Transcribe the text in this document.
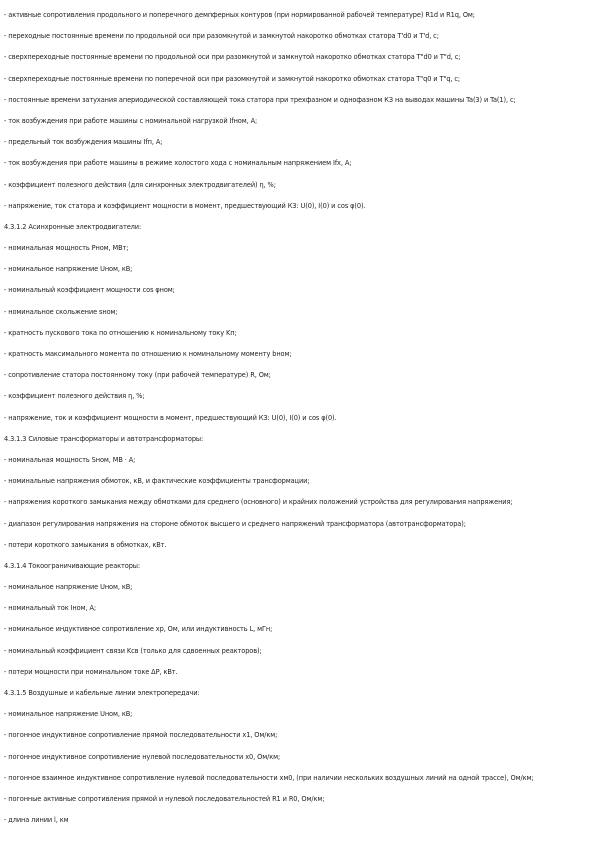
- активные сопротивления продольного и поперечного демпферных контуров (при нормированной рабочей температуре) R1d и R1q, Ом;
- переходные постоянные времени по продольной оси при разомкнутой и замкнутой накоротко обмотках статора T'd0 и T'd, с;
- сверхпереходные постоянные времени по продольной оси при разомкнутой и замкнутой накоротко обмотках статора T"d0 и T"d, с;
- сверхпереходные постоянные времени по поперечной оси при разомкнутой и замкнутой накоротко обмотках статора T"q0 и T"q, с;
- постоянные времени затухания апериодической составляющей тока статора при трехфазном и однофазном КЗ на выводах машины Ta(3) и Ta(1), с;
- ток возбуждения при работе машины с номинальной нагрузкой Ifном, А;
- предельный ток возбуждения машины Ifп, А;
- ток возбуждения при работе машины в режиме холостого хода с номинальным напряжением Ifх, А;
- коэффициент полезного действия (для синхронных электродвигателей) η, %;
- напряжение, ток статора и коэффициент мощности в момент, предшествующий КЗ: U(0), I(0) и cos φ(0).
4.3.1.2 Асинхронные электродвигатели:
- номинальная мощность Pном, МВт;
- номинальное напряжение Uном, кВ;
- номинальный коэффициент мощности cos φном;
- номинальное скольжение sном;
- кратность пускового тока по отношению к номинальному току Kп;
- кратность максимального момента по отношению к номинальному моменту bном;
- сопротивление статора постоянному току (при рабочей температуре) R, Ом;
- коэффициент полезного действия η, %;
- напряжение, ток и коэффициент мощности в момент, предшествующий КЗ: U(0), I(0) и cos φ(0).
4.3.1.3 Силовые трансформаторы и автотрансформаторы:
- номинальная мощность Sном, МВ · А;
- номинальные напряжения обмоток, кВ, и фактические коэффициенты трансформации;
- напряжения короткого замыкания между обмотками для среднего (основного) и крайних положений устройства для регулирования напряжения;
- диапазон регулирования напряжения на стороне обмоток высшего и среднего напряжений трансформатора (автотрансформатора);
- потери короткого замыкания в обмотках, кВт.
4.3.1.4 Токоограничивающие реакторы:
- номинальное напряжение Uном, кВ;
- номинальный ток Iном, А;
- номинальное индуктивное сопротивление xр, Ом, или индуктивность L, мГн;
- номинальный коэффициент связи Kсв (только для сдвоенных реакторов);
- потери мощности при номинальном токе ΔP, кВт.
4.3.1.5 Воздушные и кабельные линии электропередачи:
- номинальное напряжение Uном, кВ;
- погонное индуктивное сопротивление прямой последовательности x1, Ом/км;
- погонное индуктивное сопротивление нулевой последовательности x0, Ом/км;
- погонное взаимное индуктивное сопротивление нулевой последовательности xм0, (при наличии нескольких воздушных линий на одной трассе), Ом/км;
- погонные активные сопротивления прямой и нулевой последовательностей R1 и R0, Ом/км;
- длина линии l, км
